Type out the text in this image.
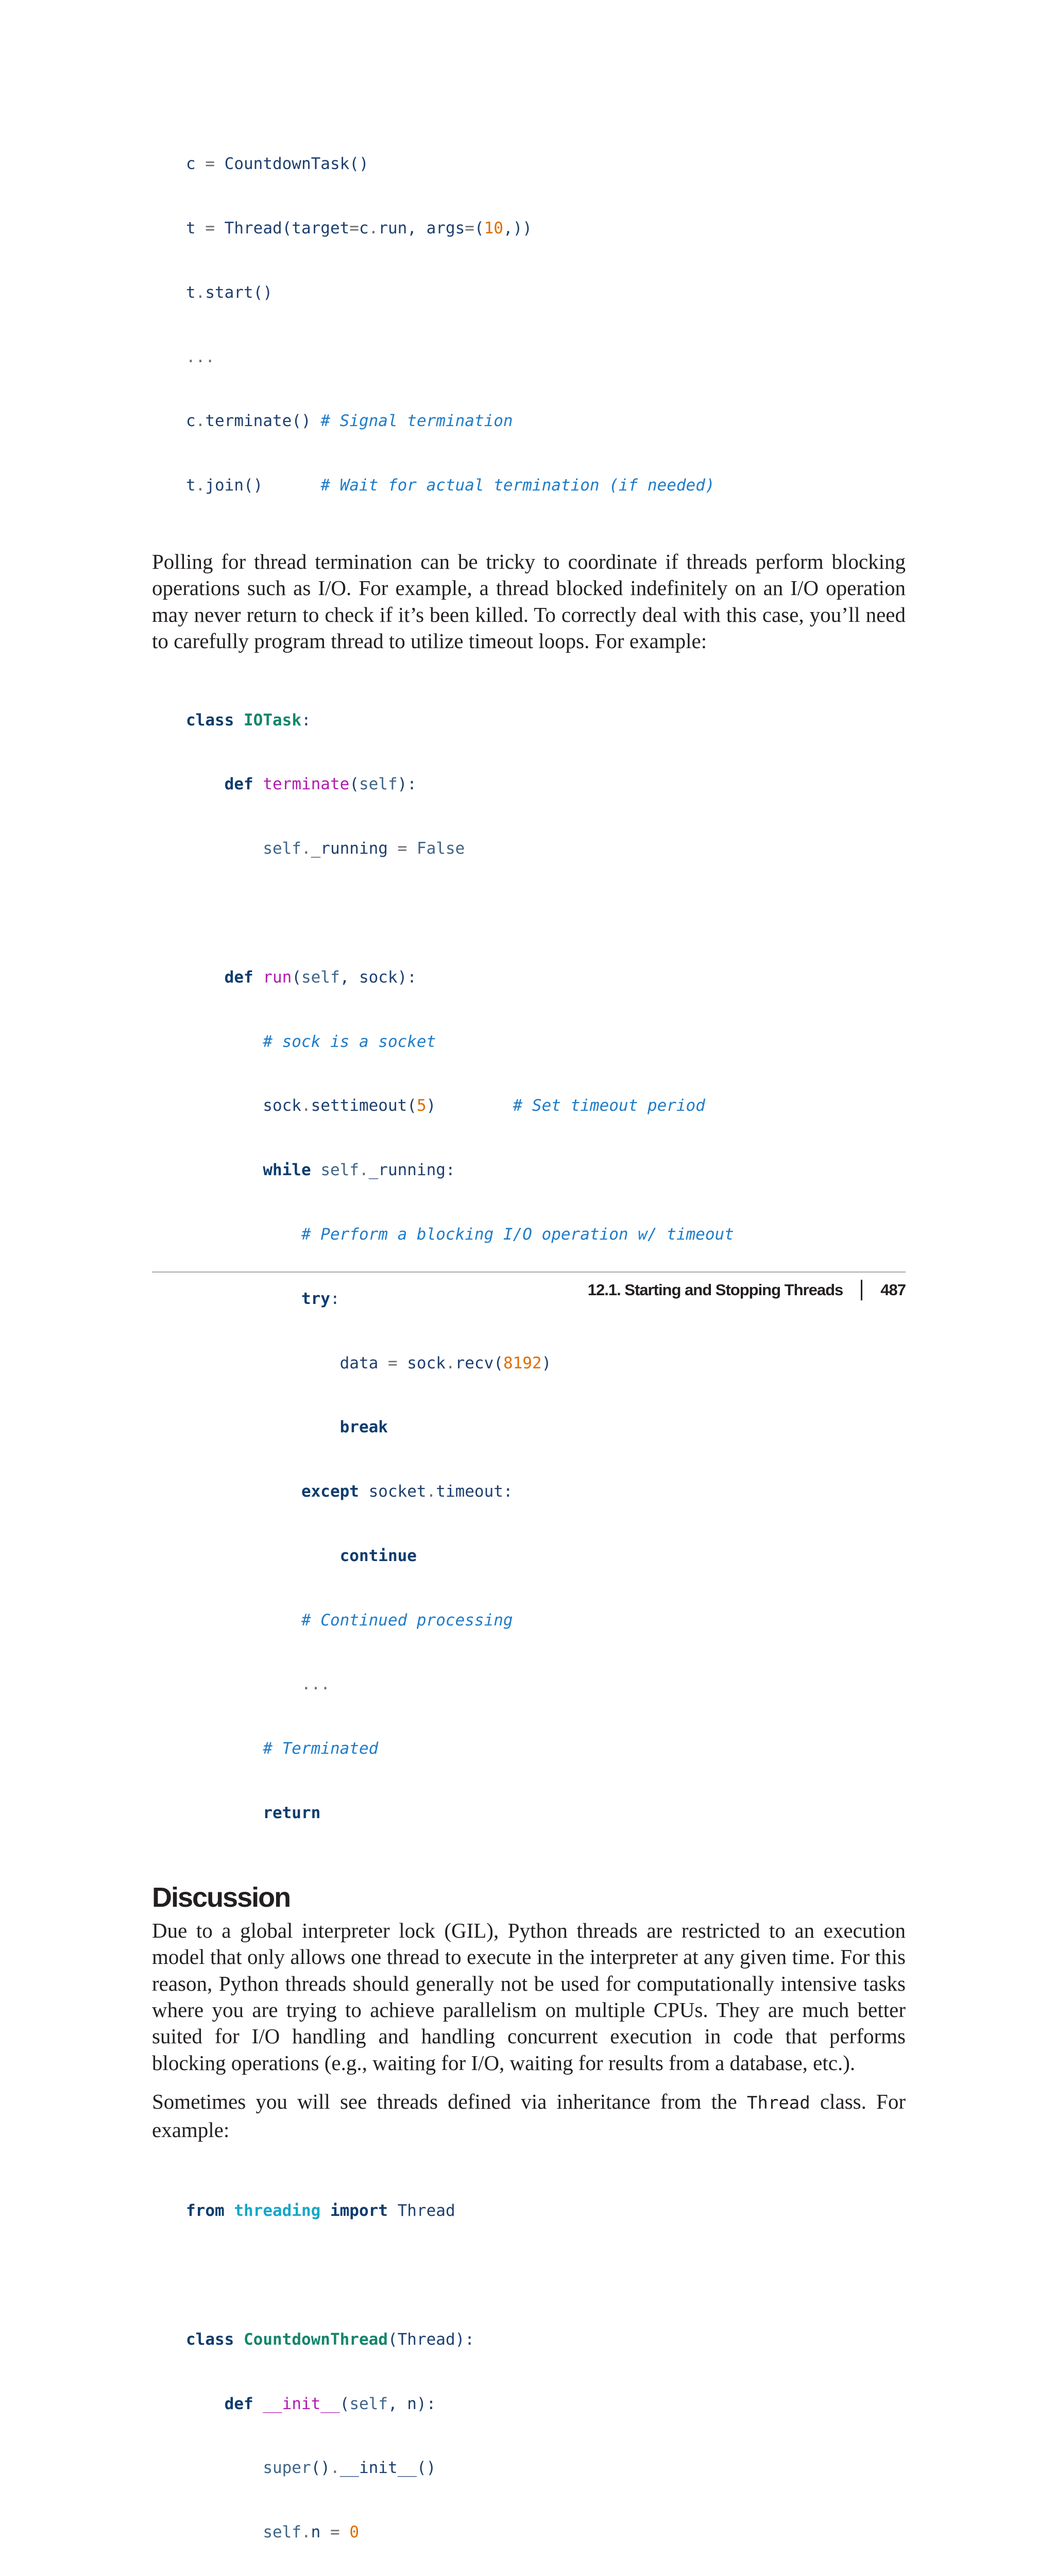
c = CountdownTask()

t = Thread(target=c.run, args=(10,))

t.start()

...

c.terminate() # Signal termination

t.join()      # Wait for actual termination (if needed)

Polling for thread termination can be tricky to coordinate if threads perform blocking operations such as I/O. For example, a thread blocked indefinitely on an I/O operation may never return to check if it’s been killed. To correctly deal with this case, you’ll need to carefully program thread to utilize timeout loops. For example:

class IOTask:

def terminate(self):

self._running = False

def run(self, sock):

# sock is a socket

sock.settimeout(5)        # Set timeout period

while self._running:

# Perform a blocking I/O operation w/ timeout

try:

data = sock.recv(8192)

break

except socket.timeout:

continue

# Continued processing

...

# Terminated

return

Discussion

Due to a global interpreter lock (GIL), Python threads are restricted to an execution model that only allows one thread to execute in the interpreter at any given time. For this reason, Python threads should generally not be used for computationally intensive tasks where you are trying to achieve parallelism on multiple CPUs. They are much better suited for I/O handling and handling concurrent execution in code that performs blocking operations (e.g., waiting for I/O, waiting for results from a database, etc.).

Sometimes you will see threads defined via inheritance from the Thread class. For example:

from threading import Thread

class CountdownThread(Thread):

def __init__(self, n):

super().__init__()

self.n = 0

12.1. Starting and Stopping Threads 487
